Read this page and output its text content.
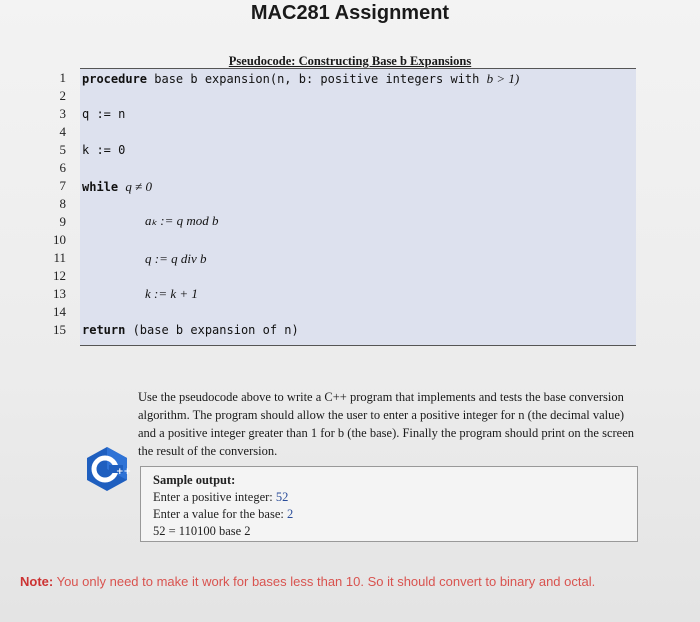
MAC281 Assignment
Pseudocode: Constructing Base b Expansions
1
2
3
4
5
6
7
8
9
10
11
12
13
14
15
procedure base b expansion(n, b: positive integers with b > 1)
q := n
k := 0
while q ≠ 0
aₖ := q mod b
q := q div b
k := k + 1
return (base b expansion of n)
Use the pseudocode above to write a C++ program that implements and tests the base conversion algorithm. The program should allow the user to enter a positive integer for n (the decimal value) and a positive integer greater than 1 for b (the base). Finally the program should print on the screen the result of the conversion.
++
Sample output:
Enter a positive integer: 52
Enter a value for the base: 2
52 = 110100 base 2
Note: You only need to make it work for bases less than 10. So it should convert to binary and octal.
